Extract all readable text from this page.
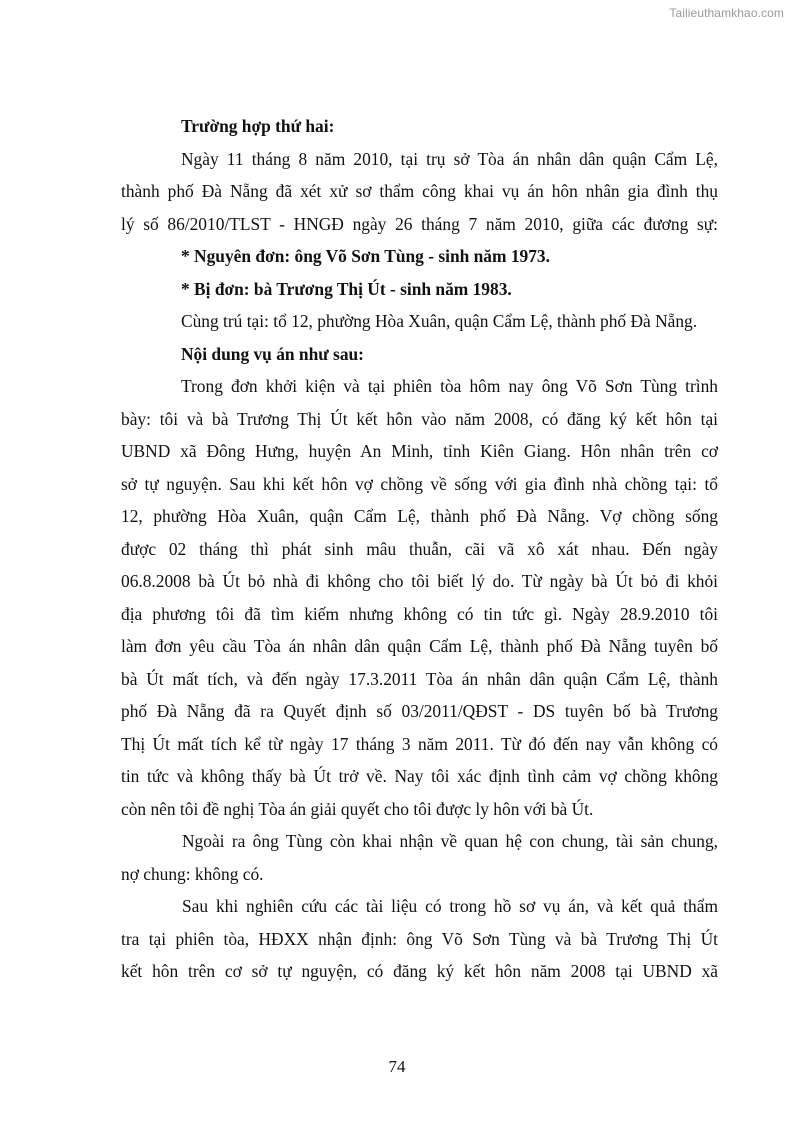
Tailieuthamkhao.com
Trường hợp thứ hai:
Ngày 11 tháng 8 năm 2010, tại trụ sở Tòa án nhân dân quận Cẩm Lệ,
thành phố Đà Nẵng đã xét xử sơ thẩm công khai vụ án hôn nhân gia đình thụ
lý số 86/2010/TLST - HNGĐ ngày 26 tháng 7 năm 2010, giữa các đương sự:
* Nguyên đơn: ông Võ Sơn Tùng - sinh năm 1973.
* Bị đơn: bà Trương Thị Út - sinh năm 1983.
Cùng trú tại: tổ 12, phường Hòa Xuân, quận Cẩm Lệ, thành phố Đà Nẵng.
Nội dung vụ án như sau:
Trong đơn khởi kiện và tại phiên tòa hôm nay ông Võ Sơn Tùng trình
bày: tôi và bà Trương Thị Út kết hôn vào năm 2008, có đăng ký kết hôn tại
UBND xã Đông Hưng, huyện An Minh, tỉnh Kiên Giang. Hôn nhân trên cơ
sở tự nguyện. Sau khi kết hôn vợ chồng về sống với gia đình nhà chồng tại: tổ
12, phường Hòa Xuân, quận Cẩm Lệ, thành phố Đà Nẵng. Vợ chồng sống
được 02 tháng thì phát sinh mâu thuẫn, cãi vã xô xát nhau. Đến ngày
06.8.2008 bà Út bỏ nhà đi không cho tôi biết lý do. Từ ngày bà Út bỏ đi khỏi
địa phương tôi đã tìm kiếm nhưng không có tin tức gì. Ngày 28.9.2010 tôi
làm đơn yêu cầu Tòa án nhân dân quận Cẩm Lệ, thành phố Đà Nẵng tuyên bố
bà Út mất tích, và đến ngày 17.3.2011 Tòa án nhân dân quận Cẩm Lệ, thành
phố Đà Nẵng đã ra Quyết định số 03/2011/QĐST - DS tuyên bố bà Trương
Thị Út mất tích kể từ ngày 17 tháng 3 năm 2011. Từ đó đến nay vẫn không có
tin tức và không thấy bà Út trở về. Nay tôi xác định tình cảm vợ chồng không
còn nên tôi đề nghị Tòa án giải quyết cho tôi được ly hôn với bà Út.
Ngoài ra ông Tùng còn khai nhận về quan hệ con chung, tài sản chung,
nợ chung: không có.
Sau khi nghiên cứu các tài liệu có trong hồ sơ vụ án, và kết quả thẩm
tra tại phiên tòa, HĐXX nhận định: ông Võ Sơn Tùng và bà Trương Thị Út
kết hôn trên cơ sở tự nguyện, có đăng ký kết hôn năm 2008 tại UBND xã
74
